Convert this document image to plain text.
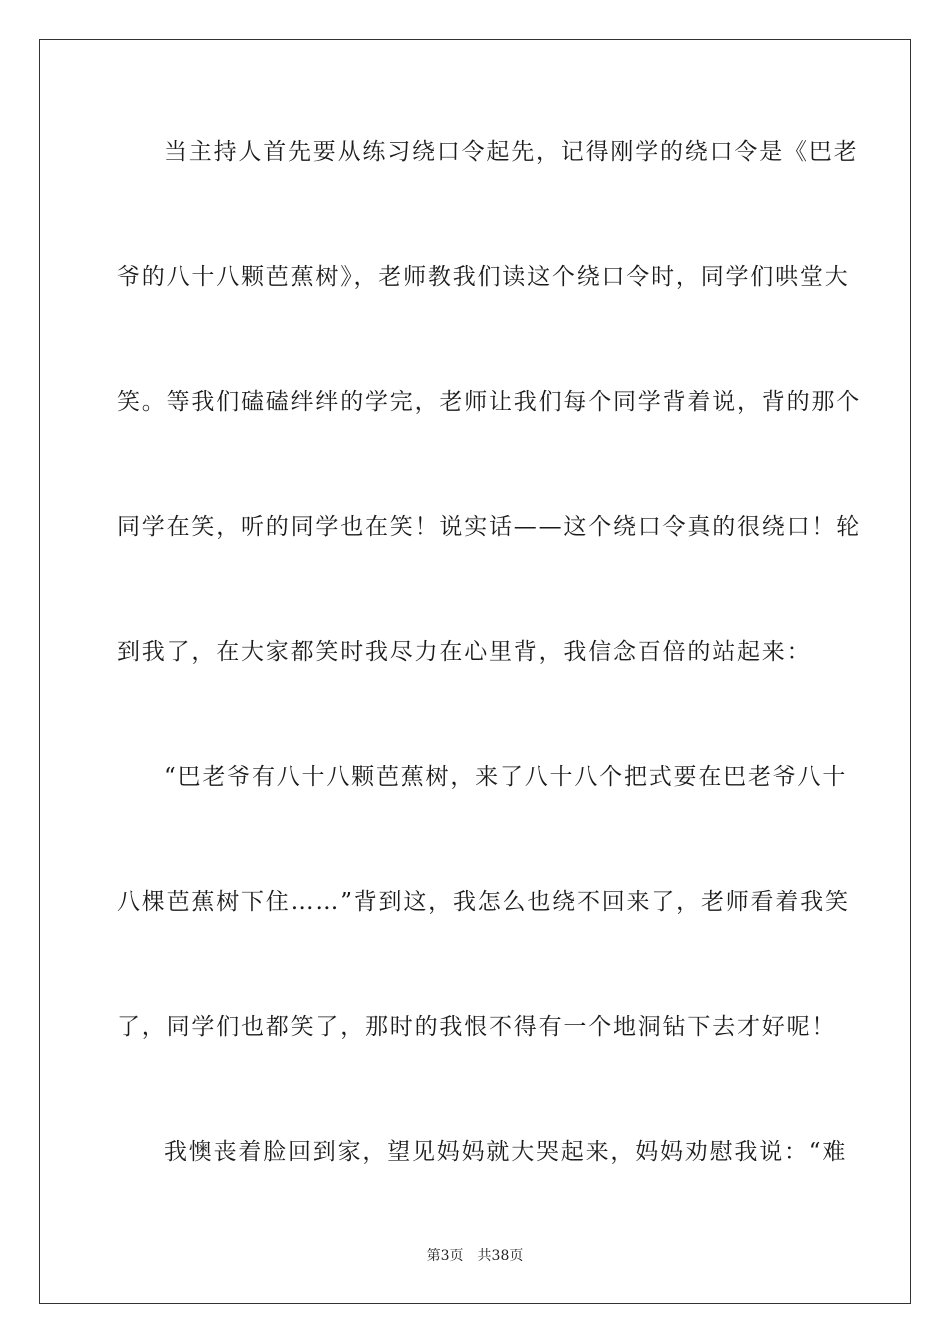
当主持人首先要从练习绕口令起先，记得刚学的绕口令是《巴老
爷的八十八颗芭蕉树》，老师教我们读这个绕口令时，同学们哄堂大
笑。等我们磕磕绊绊的学完，老师让我们每个同学背着说，背的那个
同学在笑，听的同学也在笑！说实话——这个绕口令真的很绕口！轮
到我了，在大家都笑时我尽力在心里背，我信念百倍的站起来：
“巴老爷有八十八颗芭蕉树，来了八十八个把式要在巴老爷八十
八棵芭蕉树下住……”背到这，我怎么也绕不回来了，老师看着我笑
了，同学们也都笑了，那时的我恨不得有一个地洞钻下去才好呢！
我懊丧着脸回到家，望见妈妈就大哭起来，妈妈劝慰我说：“难
第3页 共38页
